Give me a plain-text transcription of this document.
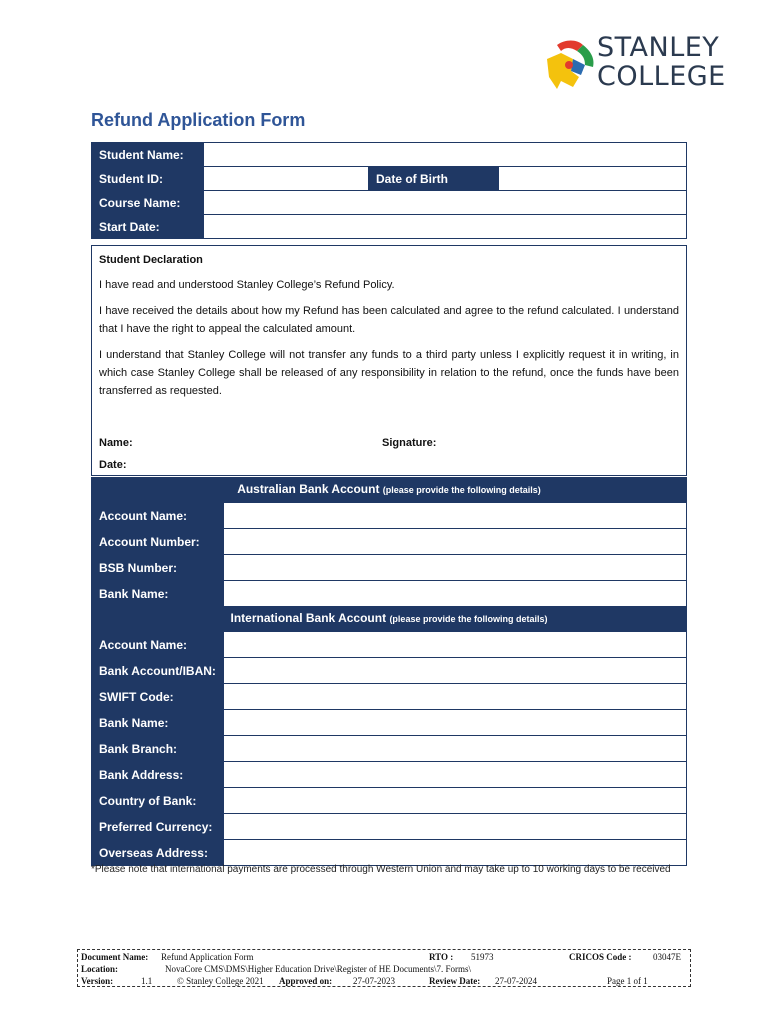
STANLEY
COLLEGE
Refund Application Form
Student Name:			
Student ID:		Date of Birth	
Course Name:			
Start Date:			
Student Declaration

I have read and understood Stanley College’s Refund Policy.

I have received the details about how my Refund has been calculated and agree to the refund calculated. I understand that I have the right to appeal the calculated amount.

I understand that Stanley College will not transfer any funds to a third party unless I explicitly request it in writing, in which case Stanley College shall be released of any responsibility in relation to the refund, once the funds have been transferred as requested.

Name:	Signature:
Date:
Australian Bank Account (please provide the following details)
Account Name:	
Account Number:	
BSB Number:	
Bank Name:	
International Bank Account (please provide the following details)
Account Name:	
Bank Account/IBAN:	
SWIFT Code:	
Bank Name:	
Bank Branch:	
Bank Address:	
Country of Bank:	
Preferred Currency:	
Overseas Address:	
*Please note that international payments are processed through Western Union and may take up to 10 working days to be received
Document Name: Refund Application Form	RTO : 51973	CRICOS Code : 03047E
Location:	NovaCore CMS\DMS\Higher Education Drive\Register of HE Documents\7. Forms\
Version:	1.1	© Stanley College 2021 Approved on: 27-07-2023	Review Date: 27-07-2024	Page 1 of 1
